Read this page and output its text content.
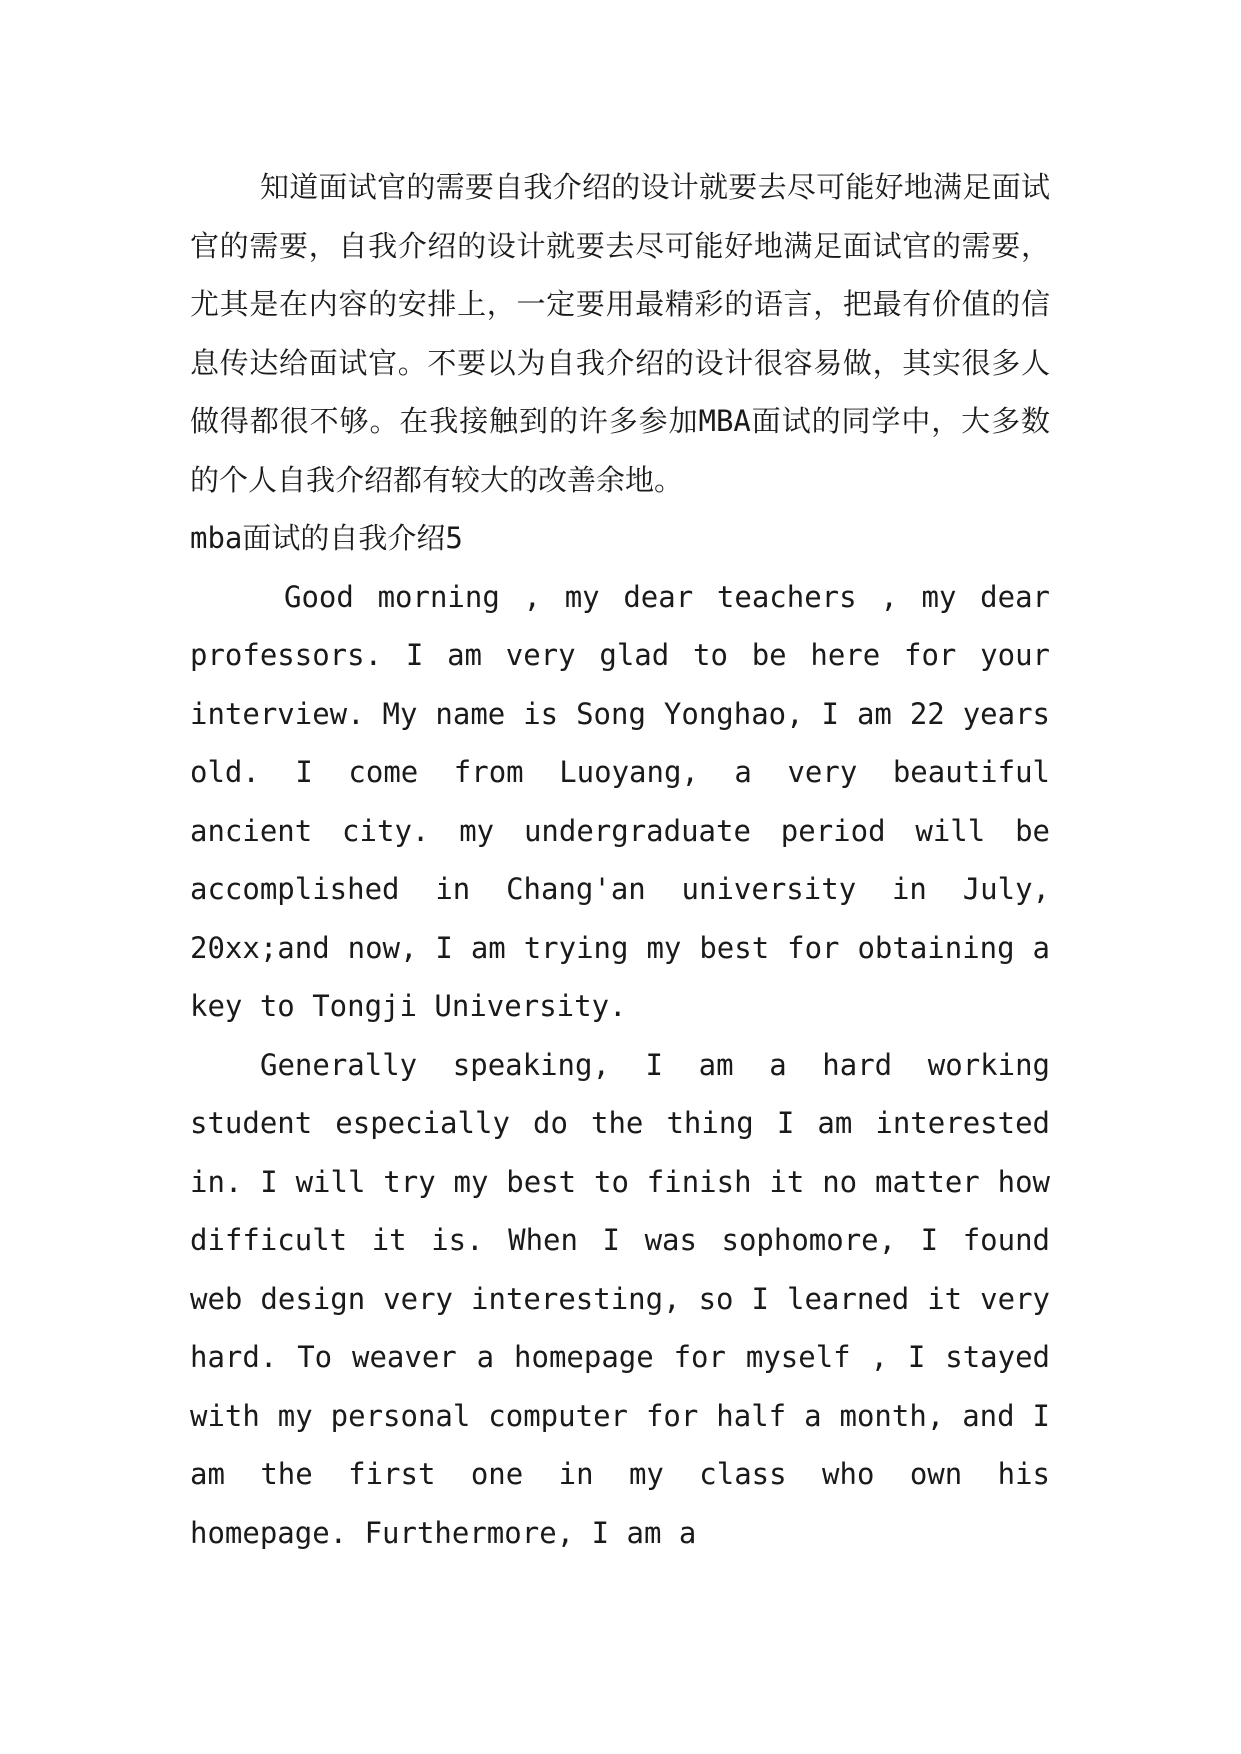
知道面试官的需要自我介绍的设计就要去尽可能好地满足面试官的需要，自我介绍的设计就要去尽可能好地满足面试官的需要，尤其是在内容的安排上，一定要用最精彩的语言，把最有价值的信息传达给面试官。不要以为自我介绍的设计很容易做，其实很多人做得都很不够。在我接触到的许多参加MBA面试的同学中，大多数的个人自我介绍都有较大的改善余地。

mba面试的自我介绍5

Good morning , my dear teachers , my dear professors. I am very glad to be here for your interview. My name is Song Yonghao, I am 22 years old. I come from Luoyang, a very beautiful ancient city. my undergraduate period will be accomplished in Chang'an university in July, 20xx;and now, I am trying my best for obtaining a key to Tongji University.

Generally speaking, I am a hard working student especially do the thing I am interested in. I will try my best to finish it no matter how difficult it is. When I was sophomore, I found web design very interesting, so I learned it very hard. To weaver a homepage for myself , I stayed with my personal computer for half a month, and I am the first one in my class who own his homepage. Furthermore, I am a
